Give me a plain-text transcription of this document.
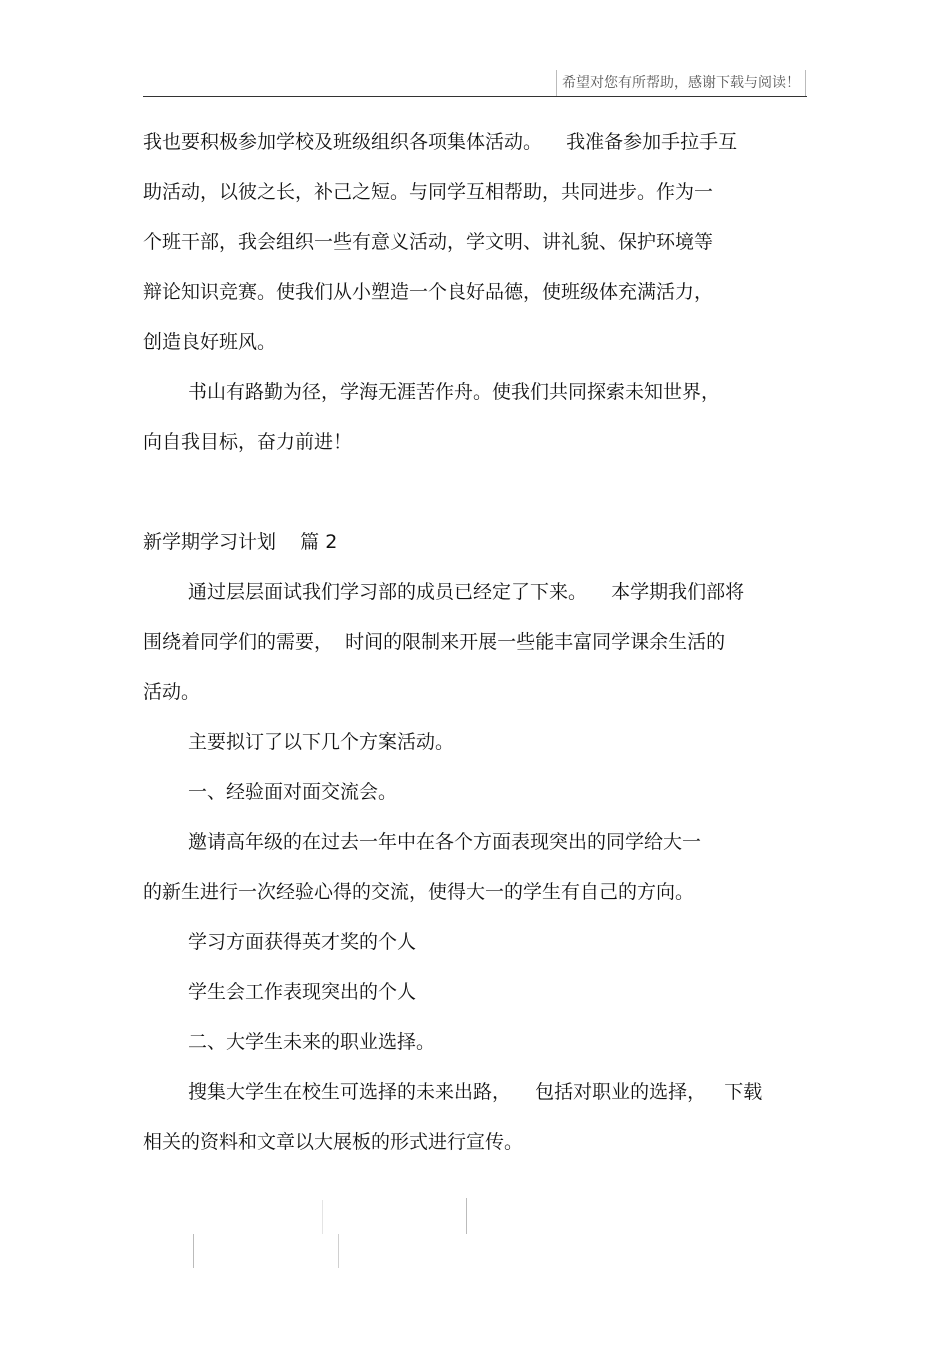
希望对您有所帮助，感谢下载与阅读！
我也要积极参加学校及班级组织各项集体活动。    我准备参加手拉手互
助活动，以彼之长，补己之短。与同学互相帮助，共同进步。作为一
个班干部，我会组织一些有意义活动，学文明、讲礼貌、保护环境等
辩论知识竞赛。使我们从小塑造一个良好品德，使班级体充满活力，
创造良好班风。
书山有路勤为径，学海无涯苦作舟。使我们共同探索未知世界，
向自我目标，奋力前进！
新学期学习计划    篇 2
通过层层面试我们学习部的成员已经定了下来。    本学期我们部将
围绕着同学们的需要，  时间的限制来开展一些能丰富同学课余生活的
活动。
主要拟订了以下几个方案活动。
一、经验面对面交流会。
邀请高年级的在过去一年中在各个方面表现突出的同学给大一
的新生进行一次经验心得的交流，使得大一的学生有自己的方向。
学习方面获得英才奖的个人
学生会工作表现突出的个人
二、大学生未来的职业选择。
搜集大学生在校生可选择的未来出路，    包括对职业的选择，   下载
相关的资料和文章以大展板的形式进行宣传。
